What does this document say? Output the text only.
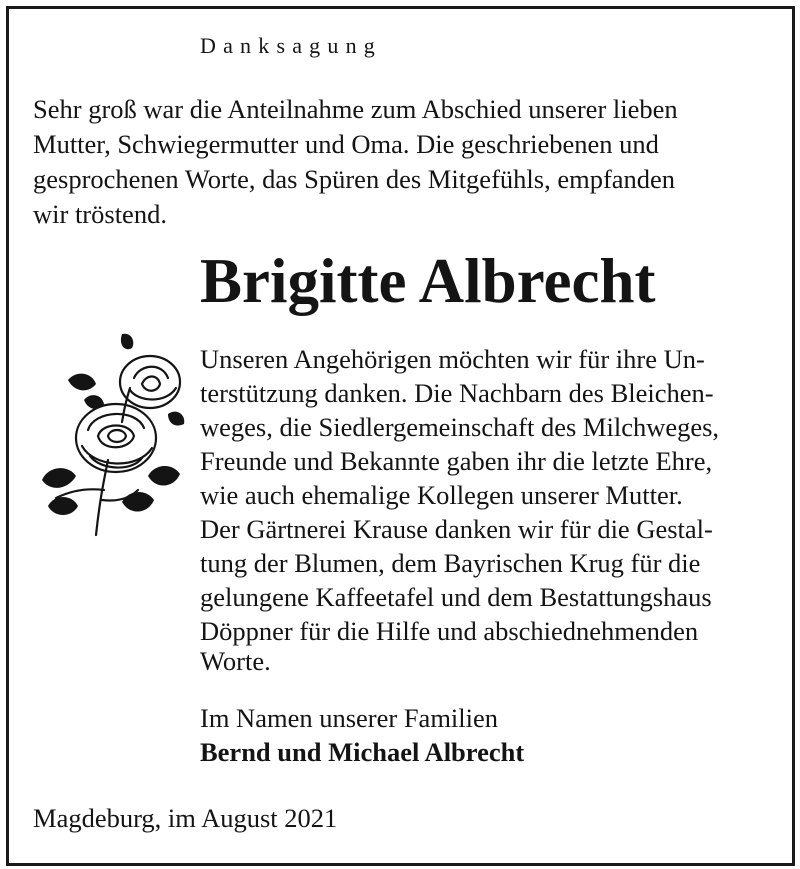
Danksagung
Sehr groß war die Anteilnahme zum Abschied unserer lieben
Mutter, Schwiegermutter und Oma. Die geschriebenen und
gesprochenen Worte, das Spüren des Mitgefühls, empfanden
wir tröstend.
Brigitte Albrecht
Unseren Angehörigen möchten wir für ihre Un-
terstützung danken. Die Nachbarn des Bleichen-
weges, die Siedlergemeinschaft des Milchweges,
Freunde und Bekannte gaben ihr die letzte Ehre,
wie auch ehemalige Kollegen unserer Mutter.
Der Gärtnerei Krause danken wir für die Gestal-
tung der Blumen, dem Bayrischen Krug für die
gelungene Kaffeetafel und dem Bestattungshaus
Döppner für die Hilfe und abschiednehmenden
Worte.
Im Namen unserer Familien
Bernd und Michael Albrecht
Magdeburg, im August 2021
